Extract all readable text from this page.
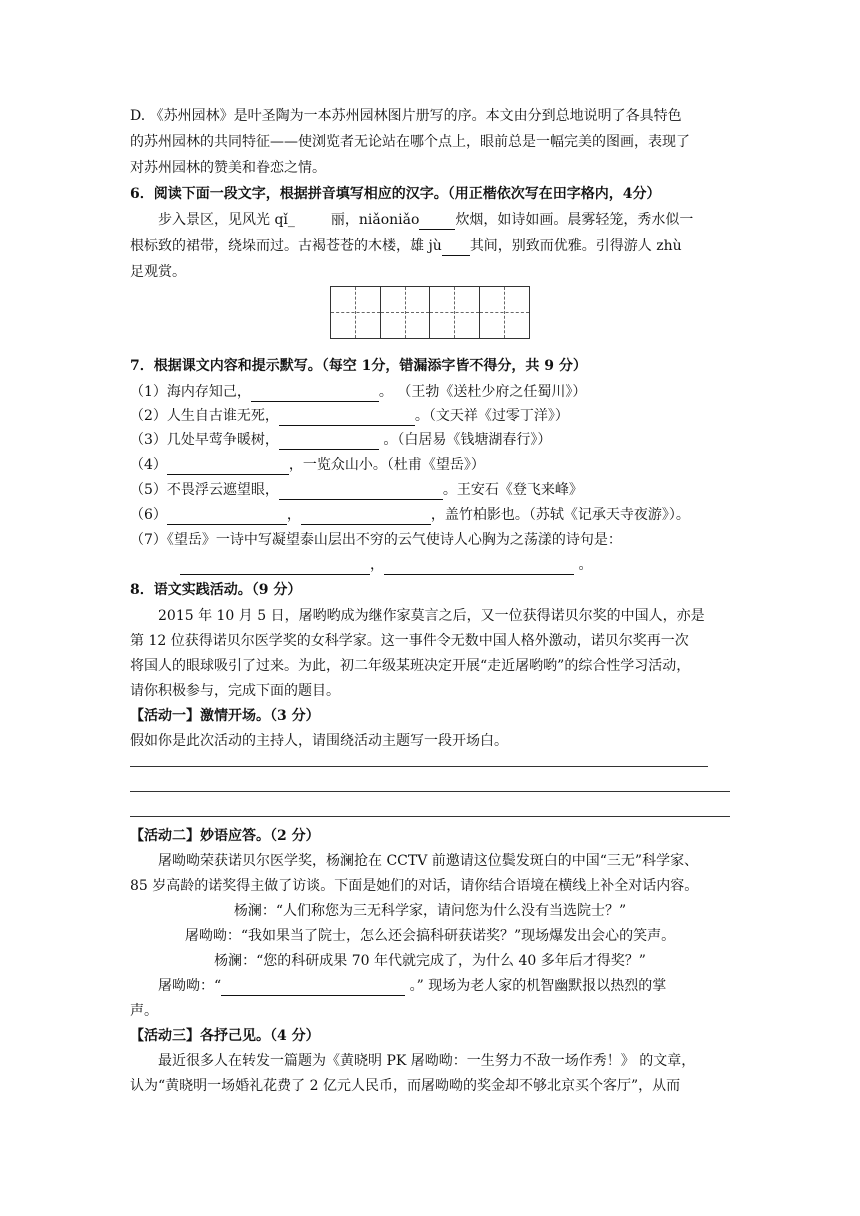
D. 《苏州园林》是叶圣陶为一本苏州园林图片册写的序。本文由分到总地说明了各具特色
的苏州园林的共同特征——使浏览者无论站在哪个点上，眼前总是一幅完美的图画，表现了
对苏州园林的赞美和眷恋之情。
6．阅读下面一段文字，根据拼音填写相应的汉字。（用正楷依次写在田字格内，4分）
步入景区，见风光 qǐ_	丽，niǎoniǎo	炊烟，如诗如画。晨雾轻笼，秀水似一
根标致的裙带，绕垛而过。古褐苍苍的木楼，雄 jù 其间，别致而优雅。引得游人 zhù
足观赏。
7．根据课文内容和提示默写。（每空 1分，错漏添字皆不得分，共 9 分）
（1）海内存知己，	。 （王勃《送杜少府之任蜀川》）
（2）人生自古谁无死，	。（文天祥《过零丁洋》）
（3）几处早莺争暖树，	。（白居易《钱塘湖春行》）
（4）	，一览众山小。（杜甫《望岳》）
（5）不畏浮云遮望眼，	。王安石《登飞来峰》
（6）	，	，盖竹柏影也。（苏轼《记承天寺夜游》）。
（7）《望岳》一诗中写凝望泰山层出不穷的云气使诗人心胸为之荡漾的诗句是：
，	。
8．语文实践活动。（9 分）
2015 年 10 月 5 日，屠哟哟成为继作家莫言之后，又一位获得诺贝尔奖的中国人，亦是
第 12 位获得诺贝尔医学奖的女科学家。这一事件令无数中国人格外激动，诺贝尔奖再一次
将国人的眼球吸引了过来。为此，初二年级某班决定开展“走近屠哟哟”的综合性学习活动，
请你积极参与，完成下面的题目。
【活动一】激情开场。（3 分）
假如你是此次活动的主持人，请围绕活动主题写一段开场白。
【活动二】妙语应答。（2 分）
屠呦呦荣获诺贝尔医学奖，杨澜抢在 CCTV 前邀请这位鬓发斑白的中国“三无”科学家、
85 岁高龄的诺奖得主做了访谈。下面是她们的对话，请你结合语境在横线上补全对话内容。
杨澜：“人们称您为三无科学家，请问您为什么没有当选院士？”
屠呦呦：“我如果当了院士，怎么还会搞科研获诺奖？”现场爆发出会心的笑声。
杨澜：“您的科研成果 70 年代就完成了，为什么 40 多年后才得奖？”
屠呦呦：“	。” 现场为老人家的机智幽默报以热烈的掌
声。
【活动三】各抒己见。（4 分）
最近很多人在转发一篇题为《黄晓明 PK 屠呦呦：一生努力不敌一场作秀！》 的文章，
认为“黄晓明一场婚礼花费了 2 亿元人民币，而屠呦呦的奖金却不够北京买个客厅”，从而
